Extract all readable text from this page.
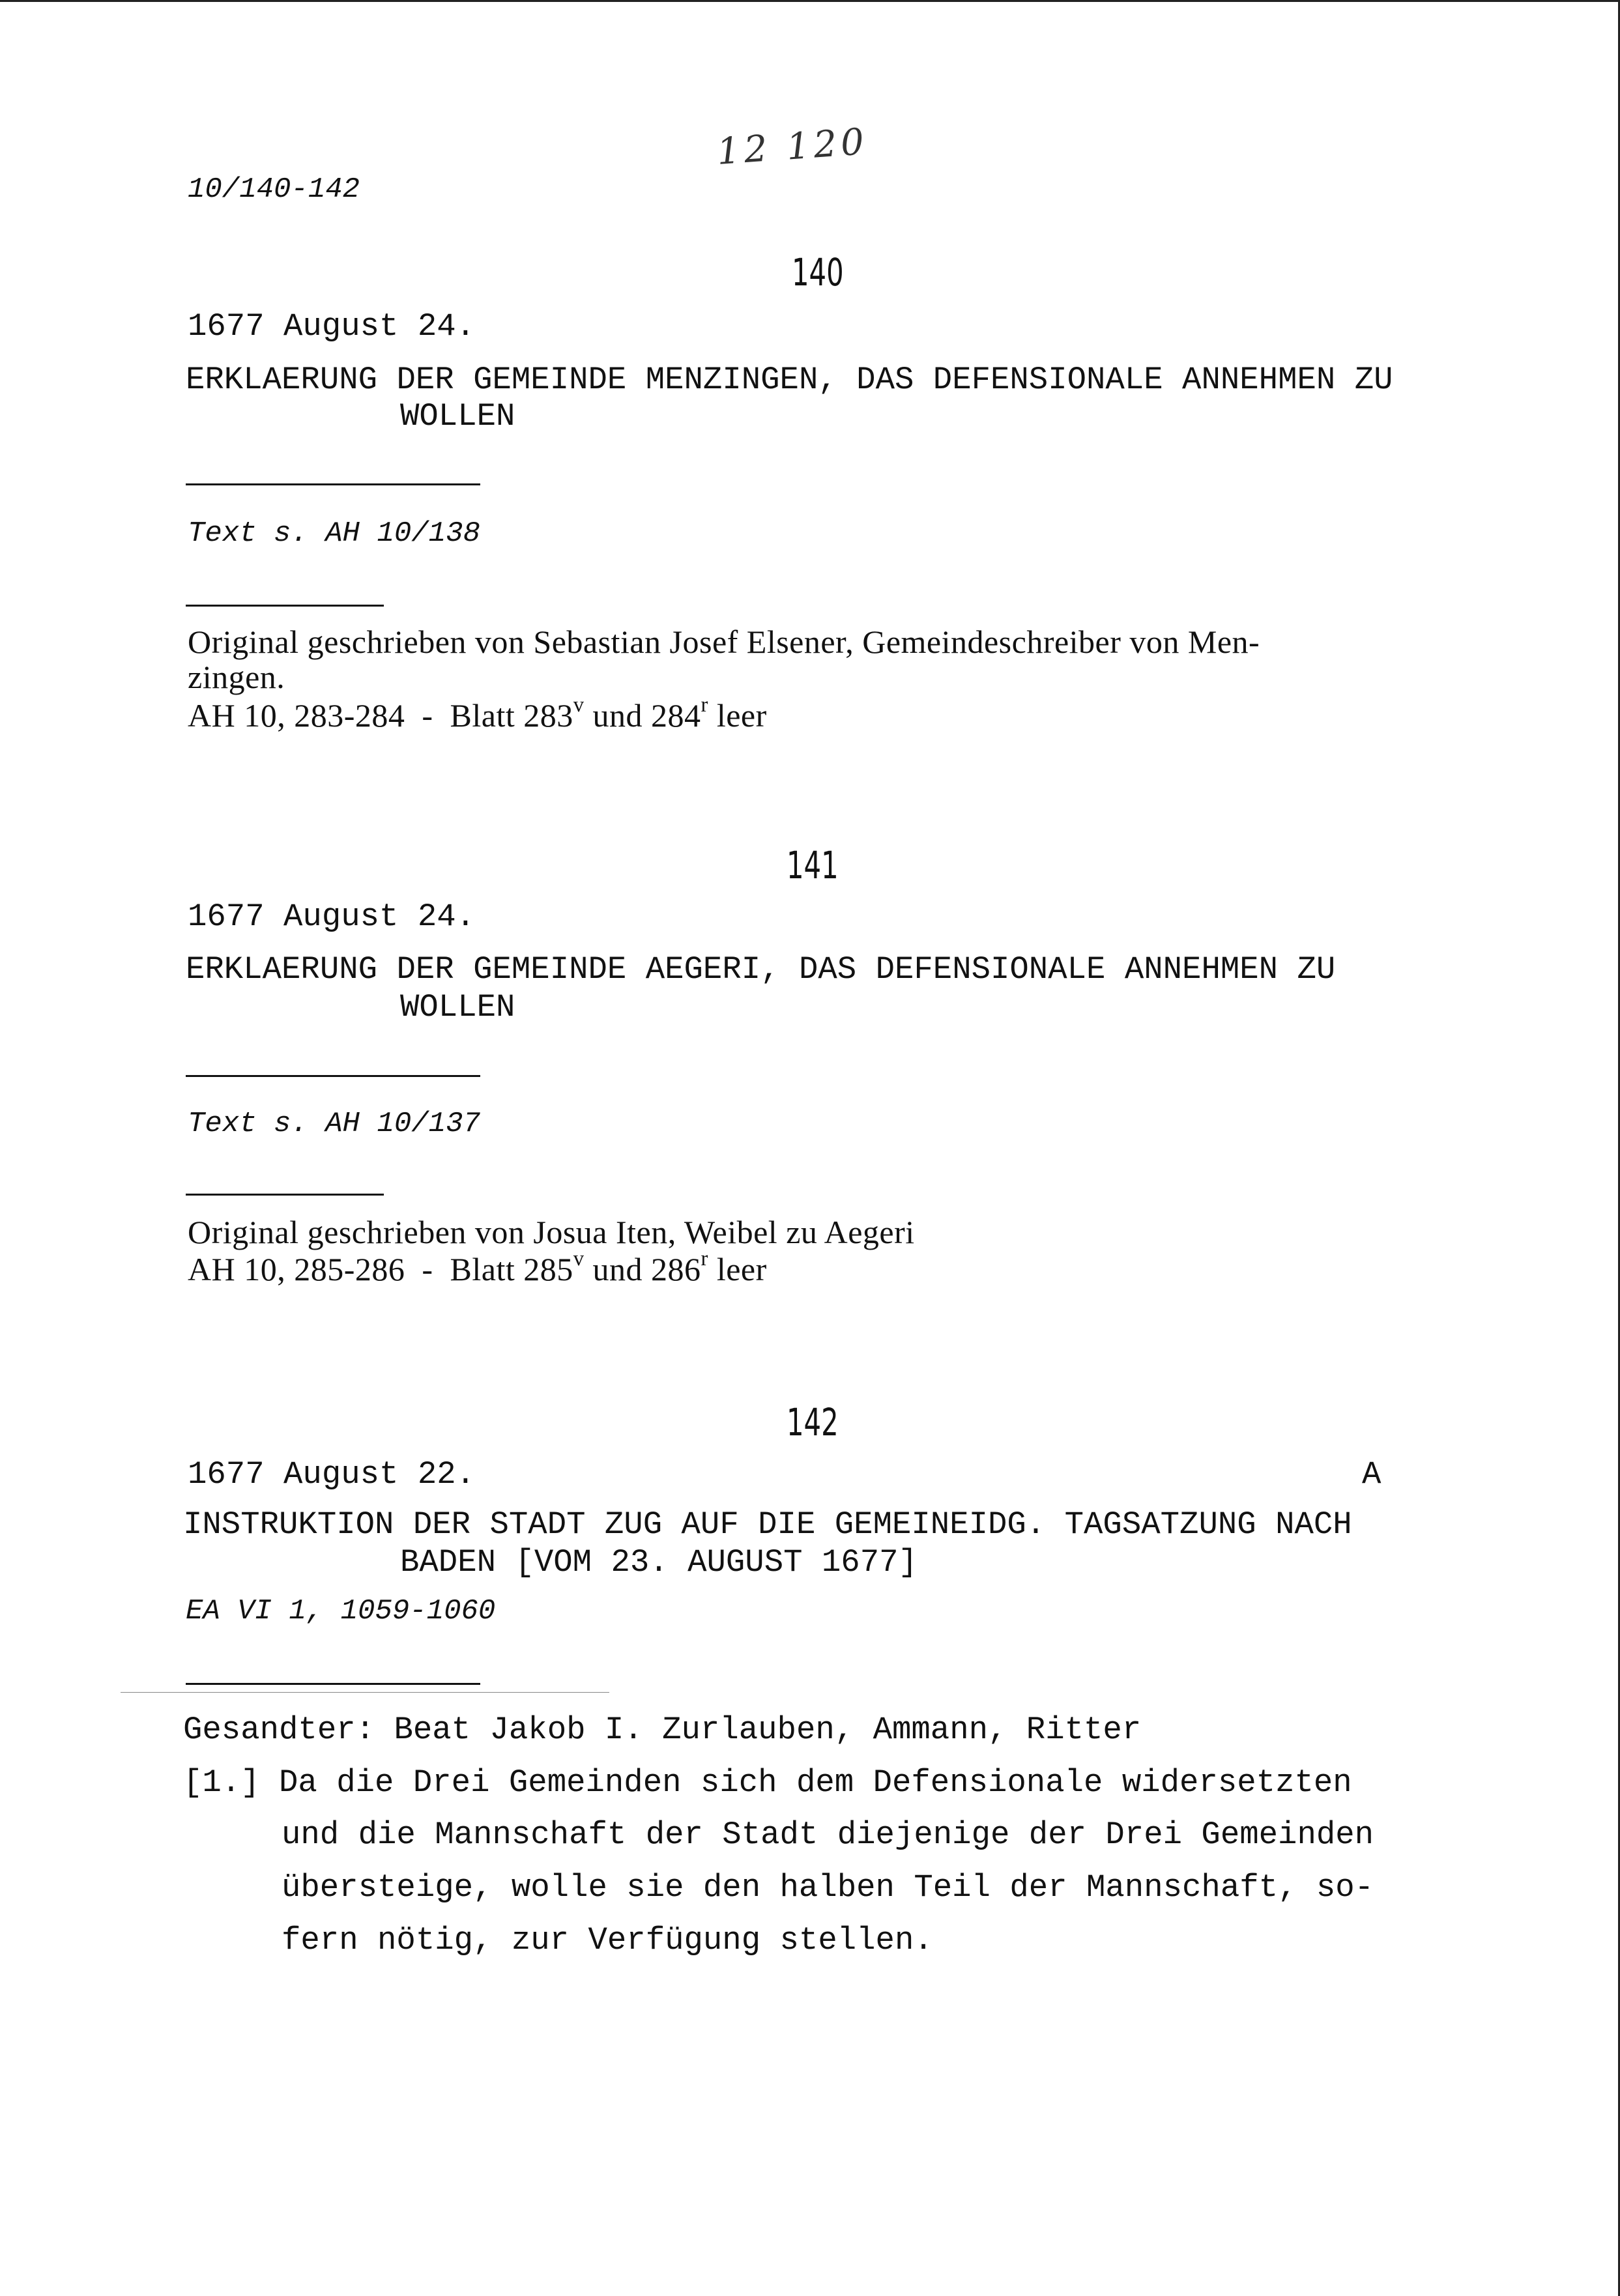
12 120
10/140-142
140
1677 August 24.
ERKLAERUNG DER GEMEINDE MENZINGEN, DAS DEFENSIONALE ANNEHMEN ZU
WOLLEN
Text s. AH 10/138
Original geschrieben von Sebastian Josef Elsener, Gemeindeschreiber von Men-
zingen.
AH 10, 283-284  -  Blatt 283$^v$ und 284$^r$ leer
141
1677 August 24.
ERKLAERUNG DER GEMEINDE AEGERI, DAS DEFENSIONALE ANNEHMEN ZU
WOLLEN
Text s. AH 10/137
Original geschrieben von Josua Iten, Weibel zu Aegeri
AH 10, 285-286  -  Blatt 285$^v$ und 286$^r$ leer
142
1677 August 22.	A
INSTRUKTION DER STADT ZUG AUF DIE GEMEINEIDG. TAGSATZUNG NACH
BADEN [VOM 23. AUGUST 1677]
EA VI 1, 1059-1060
Gesandter: Beat Jakob I. Zurlauben, Ammann, Ritter
[1.] Da die Drei Gemeinden sich dem Defensionale widersetzten
und die Mannschaft der Stadt diejenige der Drei Gemeinden
übersteige, wolle sie den halben Teil der Mannschaft, so-
fern nötig, zur Verfügung stellen.
